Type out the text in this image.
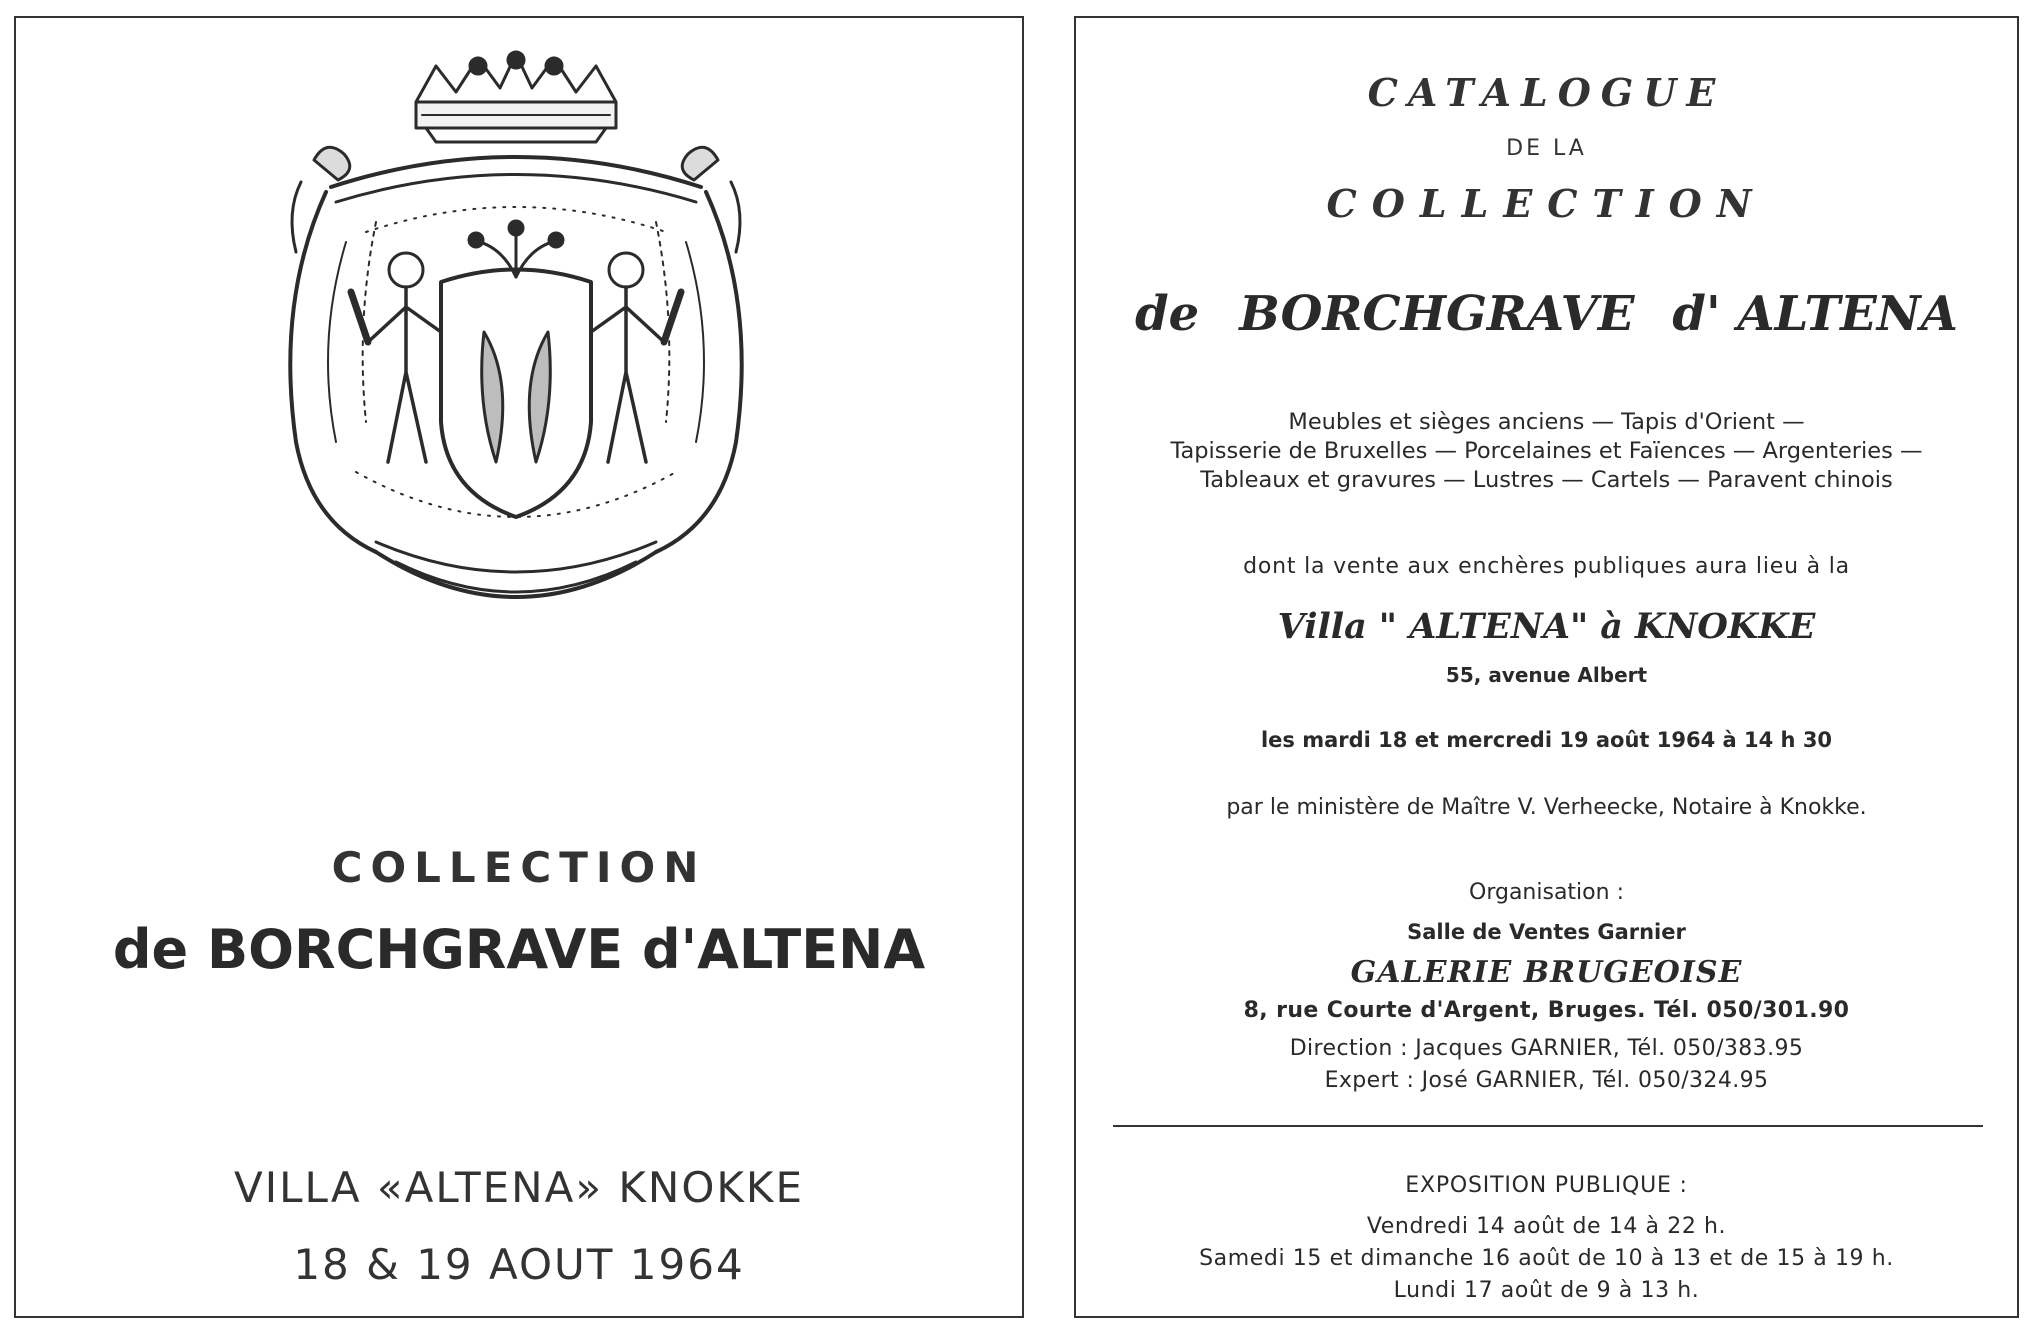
COLLECTION
de BORCHGRAVE d'ALTENA
VILLA «ALTENA» KNOKKE
18 & 19 AOUT 1964
CATALOGUE
DE LA
COLLECTION
de BORCHGRAVE d' ALTENA
Meubles et sièges anciens — Tapis d'Orient —
Tapisserie de Bruxelles — Porcelaines et Faïences — Argenteries —
Tableaux et gravures — Lustres — Cartels — Paravent chinois
dont la vente aux enchères publiques aura lieu à la
Villa " ALTENA" à KNOKKE
55, avenue Albert
les mardi 18 et mercredi 19 août 1964 à 14 h 30
par le ministère de Maître V. Verheecke, Notaire à Knokke.
Organisation :
Salle de Ventes Garnier
GALERIE BRUGEOISE
8, rue Courte d'Argent, Bruges. Tél. 050/301.90
Direction : Jacques GARNIER, Tél. 050/383.95
Expert : José GARNIER, Tél. 050/324.95
EXPOSITION PUBLIQUE :
Vendredi 14 août de 14 à 22 h.
Samedi 15 et dimanche 16 août de 10 à 13 et de 15 à 19 h.
Lundi 17 août de 9 à 13 h.
